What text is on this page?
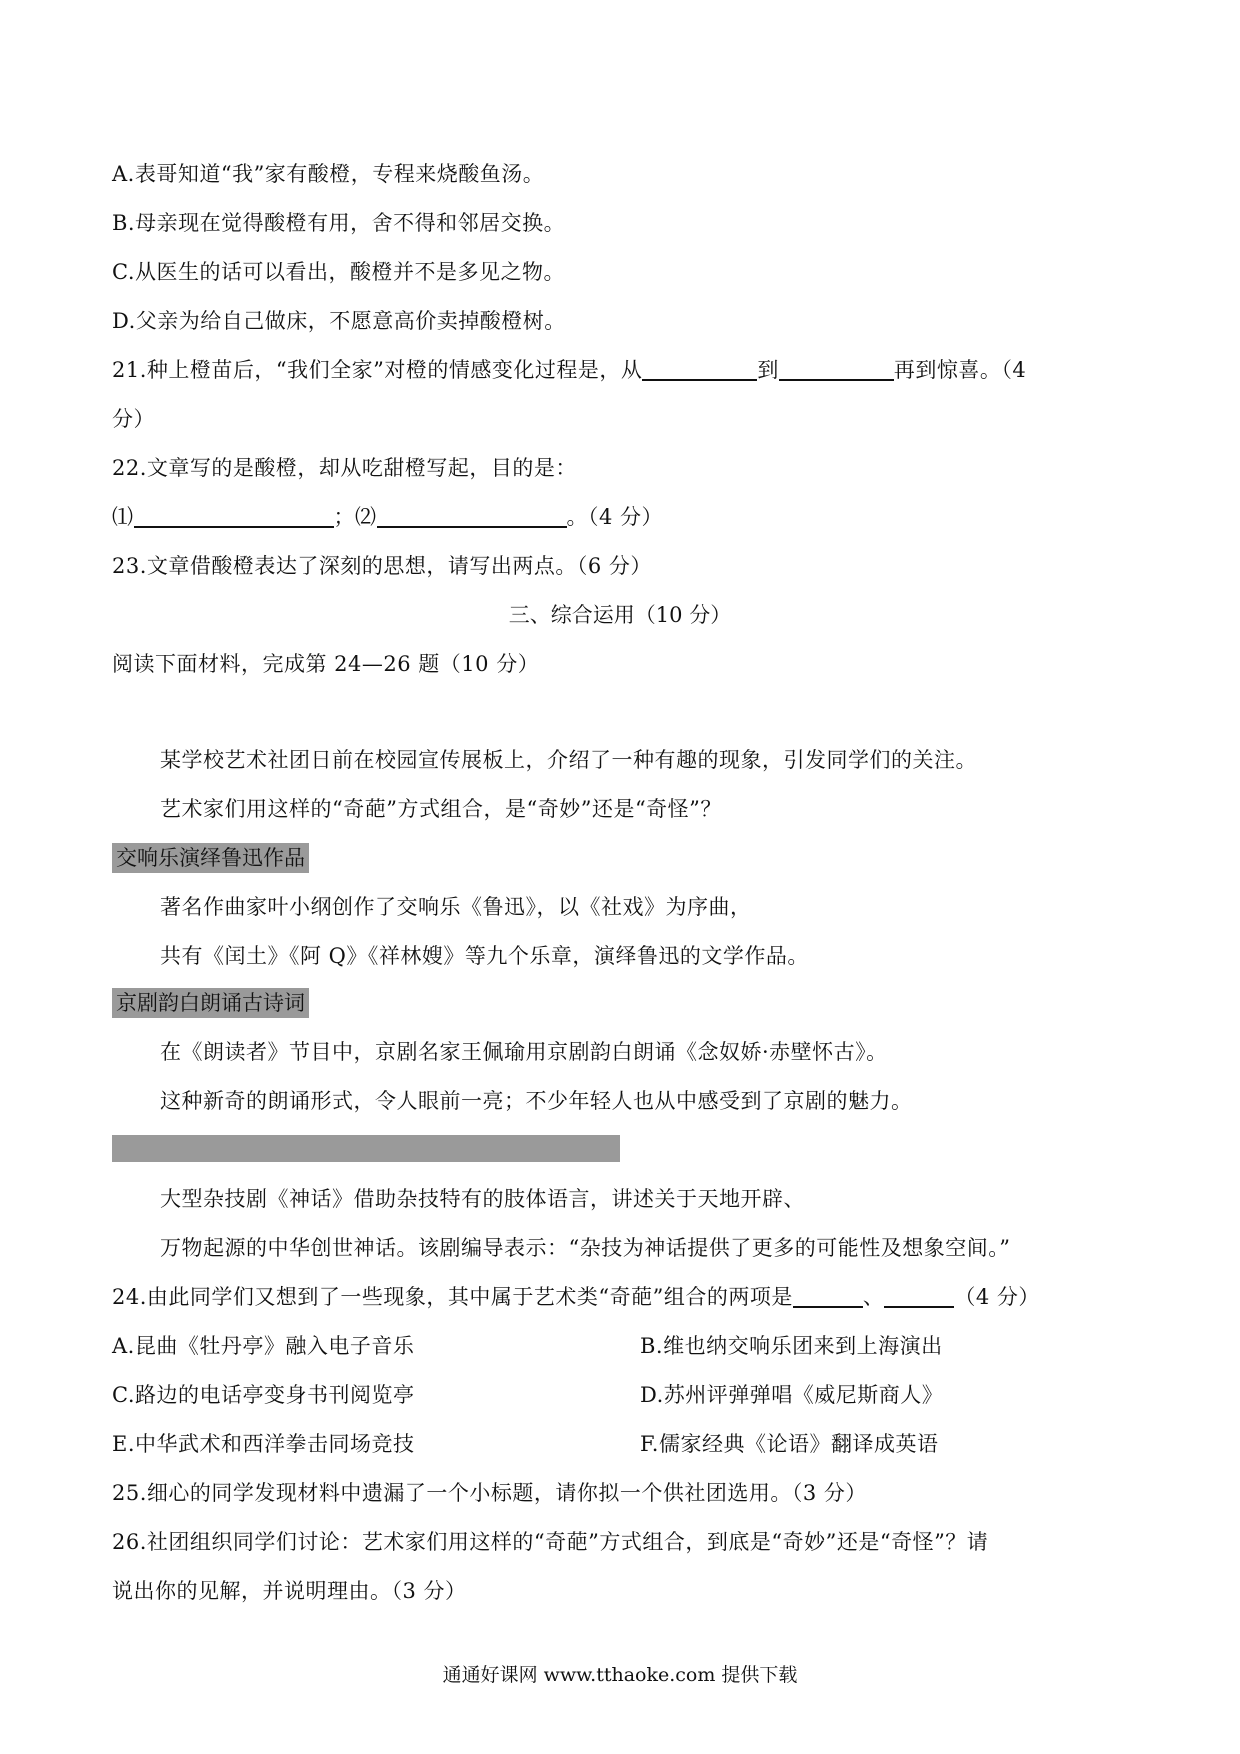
A.表哥知道“我”家有酸橙，专程来烧酸鱼汤。
B.母亲现在觉得酸橙有用，舍不得和邻居交换。
C.从医生的话可以看出，酸橙并不是多见之物。
D.父亲为给自己做床，不愿意高价卖掉酸橙树。
21.种上橙苗后，“我们全家”对橙的情感变化过程是，从	到	再到惊喜。（4
分）
22.文章写的是酸橙，却从吃甜橙写起，目的是：
⑴	；⑵	。（4 分）
23.文章借酸橙表达了深刻的思想，请写出两点。（6 分）
三、综合运用（10 分）
阅读下面材料，完成第 24—26 题（10 分）
某学校艺术社团日前在校园宣传展板上，介绍了一种有趣的现象，引发同学们的关注。
艺术家们用这样的“奇葩”方式组合，是“奇妙”还是“奇怪”？
交响乐演绎鲁迅作品
著名作曲家叶小纲创作了交响乐《鲁迅》，以《社戏》为序曲，
共有《闰土》《阿 Q》《祥林嫂》等九个乐章，演绎鲁迅的文学作品。
京剧韵白朗诵古诗词
在《朗读者》节目中，京剧名家王佩瑜用京剧韵白朗诵《念奴娇·赤壁怀古》。
这种新奇的朗诵形式，令人眼前一亮；不少年轻人也从中感受到了京剧的魅力。
大型杂技剧《神话》借助杂技特有的肢体语言，讲述关于天地开辟、
万物起源的中华创世神话。该剧编导表示：“杂技为神话提供了更多的可能性及想象空间。”
24.由此同学们又想到了一些现象，其中属于艺术类“奇葩”组合的两项是	、	（4 分）
A.昆曲《牡丹亭》融入电子音乐	B.维也纳交响乐团来到上海演出
C.路边的电话亭变身书刊阅览亭	D.苏州评弹弹唱《威尼斯商人》
E.中华武术和西洋拳击同场竞技	F.儒家经典《论语》翻译成英语
25.细心的同学发现材料中遗漏了一个小标题，请你拟一个供社团选用。（3 分）
26.社团组织同学们讨论：艺术家们用这样的“奇葩”方式组合，到底是“奇妙”还是“奇怪”？请
说出你的见解，并说明理由。（3 分）
通通好课网 www.tthaoke.com 提供下载
